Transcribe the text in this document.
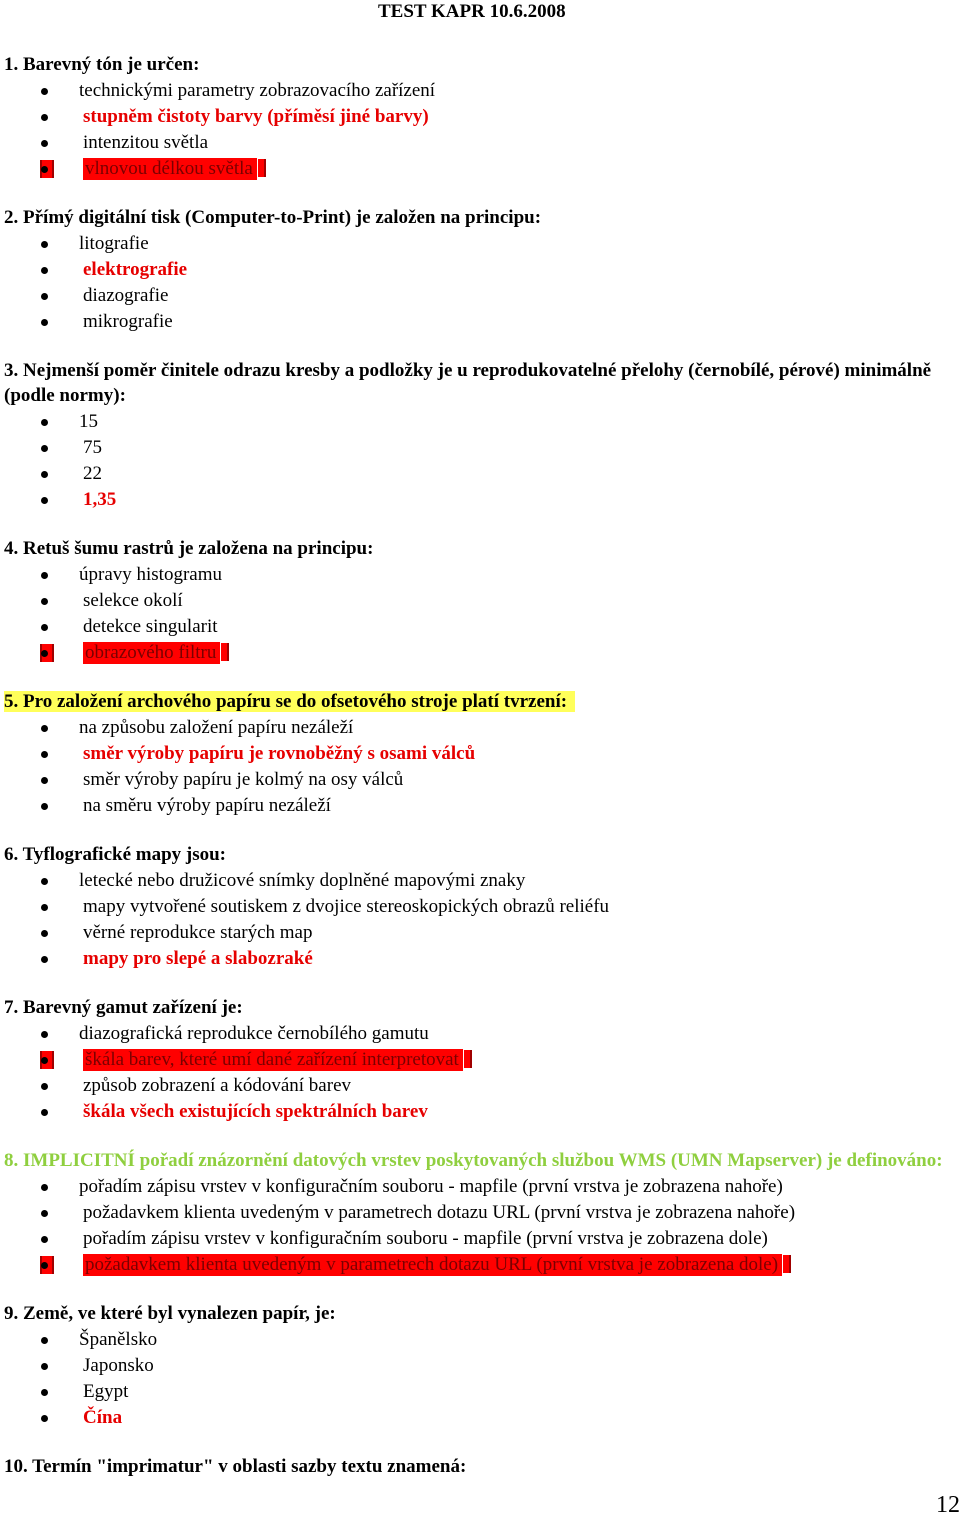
TEST KAPR 10.6.2008

1. Barevný tón je určen:

technickými parametry zobrazovacího zařízení
stupněm čistoty barvy (příměsí jiné barvy)
intenzitou světla
vlnovou délkou světla

2. Přímý digitální tisk (Computer-to-Print) je založen na principu:

litografie
elektrografie
diazografie
mikrografie

3. Nejmenší poměr činitele odrazu kresby a podložky je u reprodukovatelné přelohy (černobílé, pérové) minimálně (podle normy):

15
75
22
1,35

4. Retuš šumu rastrů je založena na principu:

úpravy histogramu
selekce okolí
detekce singularit
obrazového filtru

5. Pro založení archového papíru se do ofsetového stroje platí tvrzení:

na způsobu založení papíru nezáleží
směr výroby papíru je rovnoběžný s osami válců
směr výroby papíru je kolmý na osy válců
na směru výroby papíru nezáleží

6. Tyflografické mapy jsou:

letecké nebo družicové snímky doplněné mapovými znaky
mapy vytvořené soutiskem z dvojice stereoskopických obrazů reliéfu
věrné reprodukce starých map
mapy pro slepé a slabozraké

7. Barevný gamut zařízení je:

diazografická reprodukce černobílého gamutu
škála barev, které umí dané zařízení interpretovat
způsob zobrazení a kódování barev
škála všech existujících spektrálních barev

8. IMPLICITNÍ pořadí znázornění datových vrstev poskytovaných službou WMS (UMN Mapserver) je definováno:

pořadím zápisu vrstev v konfiguračním souboru - mapfile (první vrstva je zobrazena nahoře)
požadavkem klienta uvedeným v parametrech dotazu URL (první vrstva je zobrazena nahoře)
pořadím zápisu vrstev v konfiguračním souboru - mapfile (první vrstva je zobrazena dole)
požadavkem klienta uvedeným v parametrech dotazu URL (první vrstva je zobrazena dole)

9. Země, ve které byl vynalezen papír, je:

Španělsko
Japonsko
Egypt
Čína

10. Termín "imprimatur" v oblasti sazby textu znamená:

12
